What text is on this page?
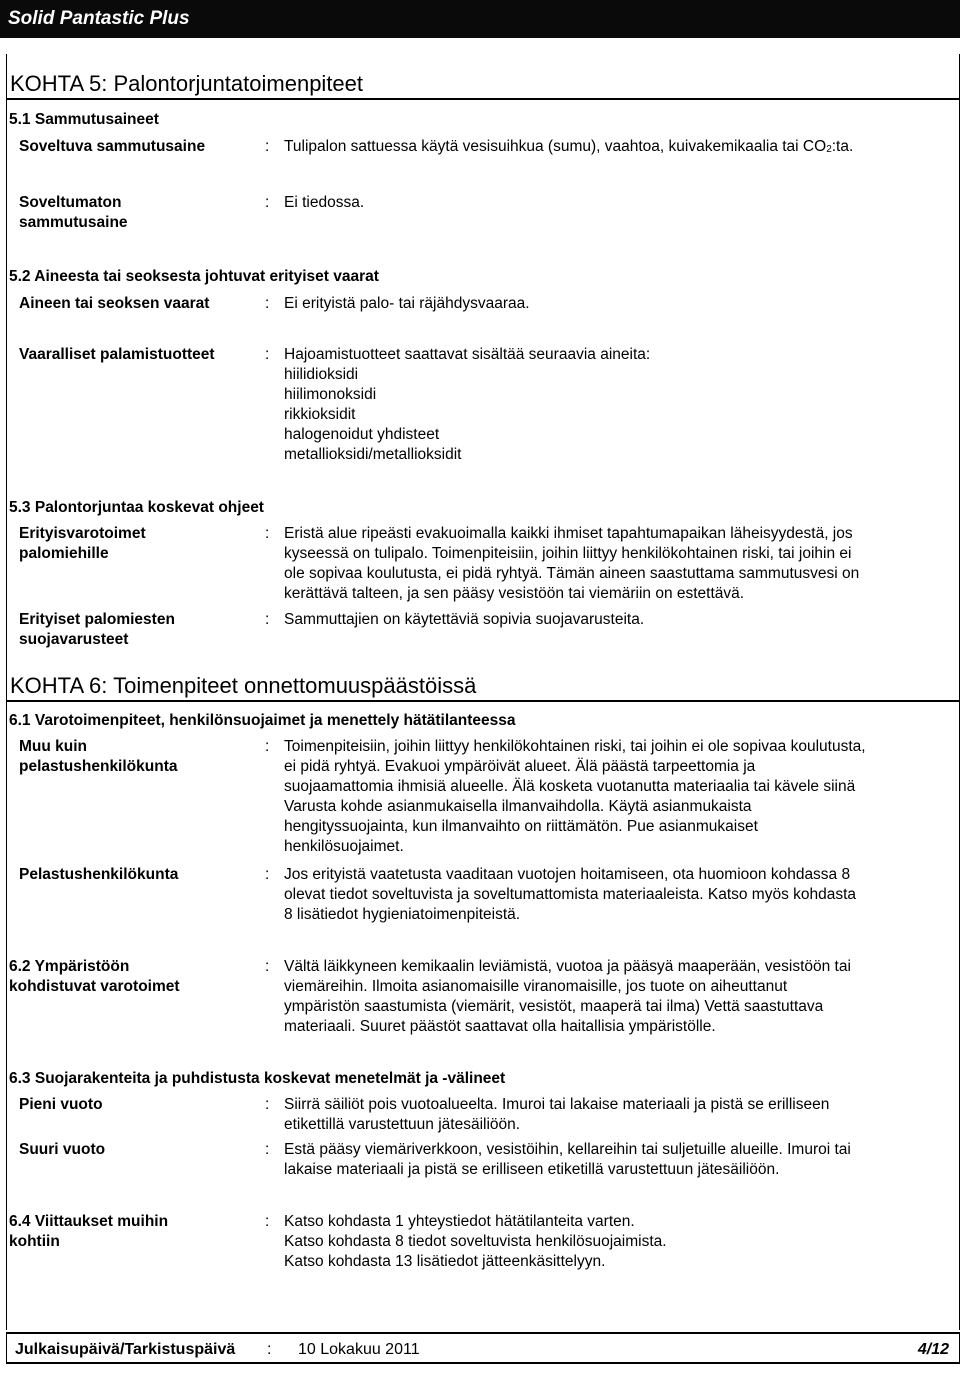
Solid Pantastic Plus
KOHTA 5: Palontorjuntatoimenpiteet
5.1 Sammutusaineet
Soveltuva sammutusaine	: Tulipalon sattuessa käytä vesisuihkua (sumu), vaahtoa, kuivakemikaalia tai CO2:ta.
Soveltumaton
sammutusaine
: Ei tiedossa.
5.2 Aineesta tai seoksesta johtuvat erityiset vaarat
Aineen tai seoksen vaarat	: Ei erityistä palo- tai räjähdysvaaraa.
Vaaralliset palamistuotteet	: Hajoamistuotteet saattavat sisältää seuraavia aineita:
hiilidioksidi
hiilimonoksidi
rikkioksidit
halogenoidut yhdisteet
metallioksidi/metallioksidit
5.3 Palontorjuntaa koskevat ohjeet
Erityisvarotoimet
palomiehille
: Eristä alue ripeästi evakuoimalla kaikki ihmiset tapahtumapaikan läheisyydestä, jos
kyseessä on tulipalo. Toimenpiteisiin, joihin liittyy henkilökohtainen riski, tai joihin ei
ole sopivaa koulutusta, ei pidä ryhtyä. Tämän aineen saastuttama sammutusvesi on
kerättävä talteen, ja sen pääsy vesistöön tai viemäriin on estettävä.
Erityiset palomiesten
suojavarusteet
: Sammuttajien on käytettäviä sopivia suojavarusteita.
KOHTA 6: Toimenpiteet onnettomuuspäästöissä
6.1 Varotoimenpiteet, henkilönsuojaimet ja menettely hätätilanteessa
Muu kuin
pelastushenkilökunta
: Toimenpiteisiin, joihin liittyy henkilökohtainen riski, tai joihin ei ole sopivaa koulutusta,
ei pidä ryhtyä. Evakuoi ympäröivät alueet. Älä päästä tarpeettomia ja
suojaamattomia ihmisiä alueelle. Älä kosketa vuotanutta materiaalia tai kävele siinä
Varusta kohde asianmukaisella ilmanvaihdolla. Käytä asianmukaista
hengityssuojainta, kun ilmanvaihto on riittämätön. Pue asianmukaiset
henkilösuojaimet.
Pelastushenkilökunta	: Jos erityistä vaatetusta vaaditaan vuotojen hoitamiseen, ota huomioon kohdassa 8
olevat tiedot soveltuvista ja soveltumattomista materiaaleista. Katso myös kohdasta
8 lisätiedot hygieniatoimenpiteistä.
6.2 Ympäristöön
kohdistuvat varotoimet
: Vältä läikkyneen kemikaalin leviämistä, vuotoa ja pääsyä maaperään, vesistöön tai
viemäreihin. Ilmoita asianomaisille viranomaisille, jos tuote on aiheuttanut
ympäristön saastumista (viemärit, vesistöt, maaperä tai ilma) Vettä saastuttava
materiaali. Suuret päästöt saattavat olla haitallisia ympäristölle.
6.3 Suojarakenteita ja puhdistusta koskevat menetelmät ja -välineet
Pieni vuoto	: Siirrä säiliöt pois vuotoalueelta. Imuroi tai lakaise materiaali ja pistä se erilliseen
etikettillä varustettuun jätesäiliöön.
Suuri vuoto	: Estä pääsy viemäriverkkoon, vesistöihin, kellareihin tai suljetuille alueille. Imuroi tai
lakaise materiaali ja pistä se erilliseen etiketillä varustettuun jätesäiliöön.
6.4 Viittaukset muihin
kohtiin
: Katso kohdasta 1 yhteystiedot hätätilanteita varten.
Katso kohdasta 8 tiedot soveltuvista henkilösuojaimista.
Katso kohdasta 13 lisätiedot jätteenkäsittelyyn.
Julkaisupäivä/Tarkistuspäivä : 10 Lokakuu 2011	4/12
